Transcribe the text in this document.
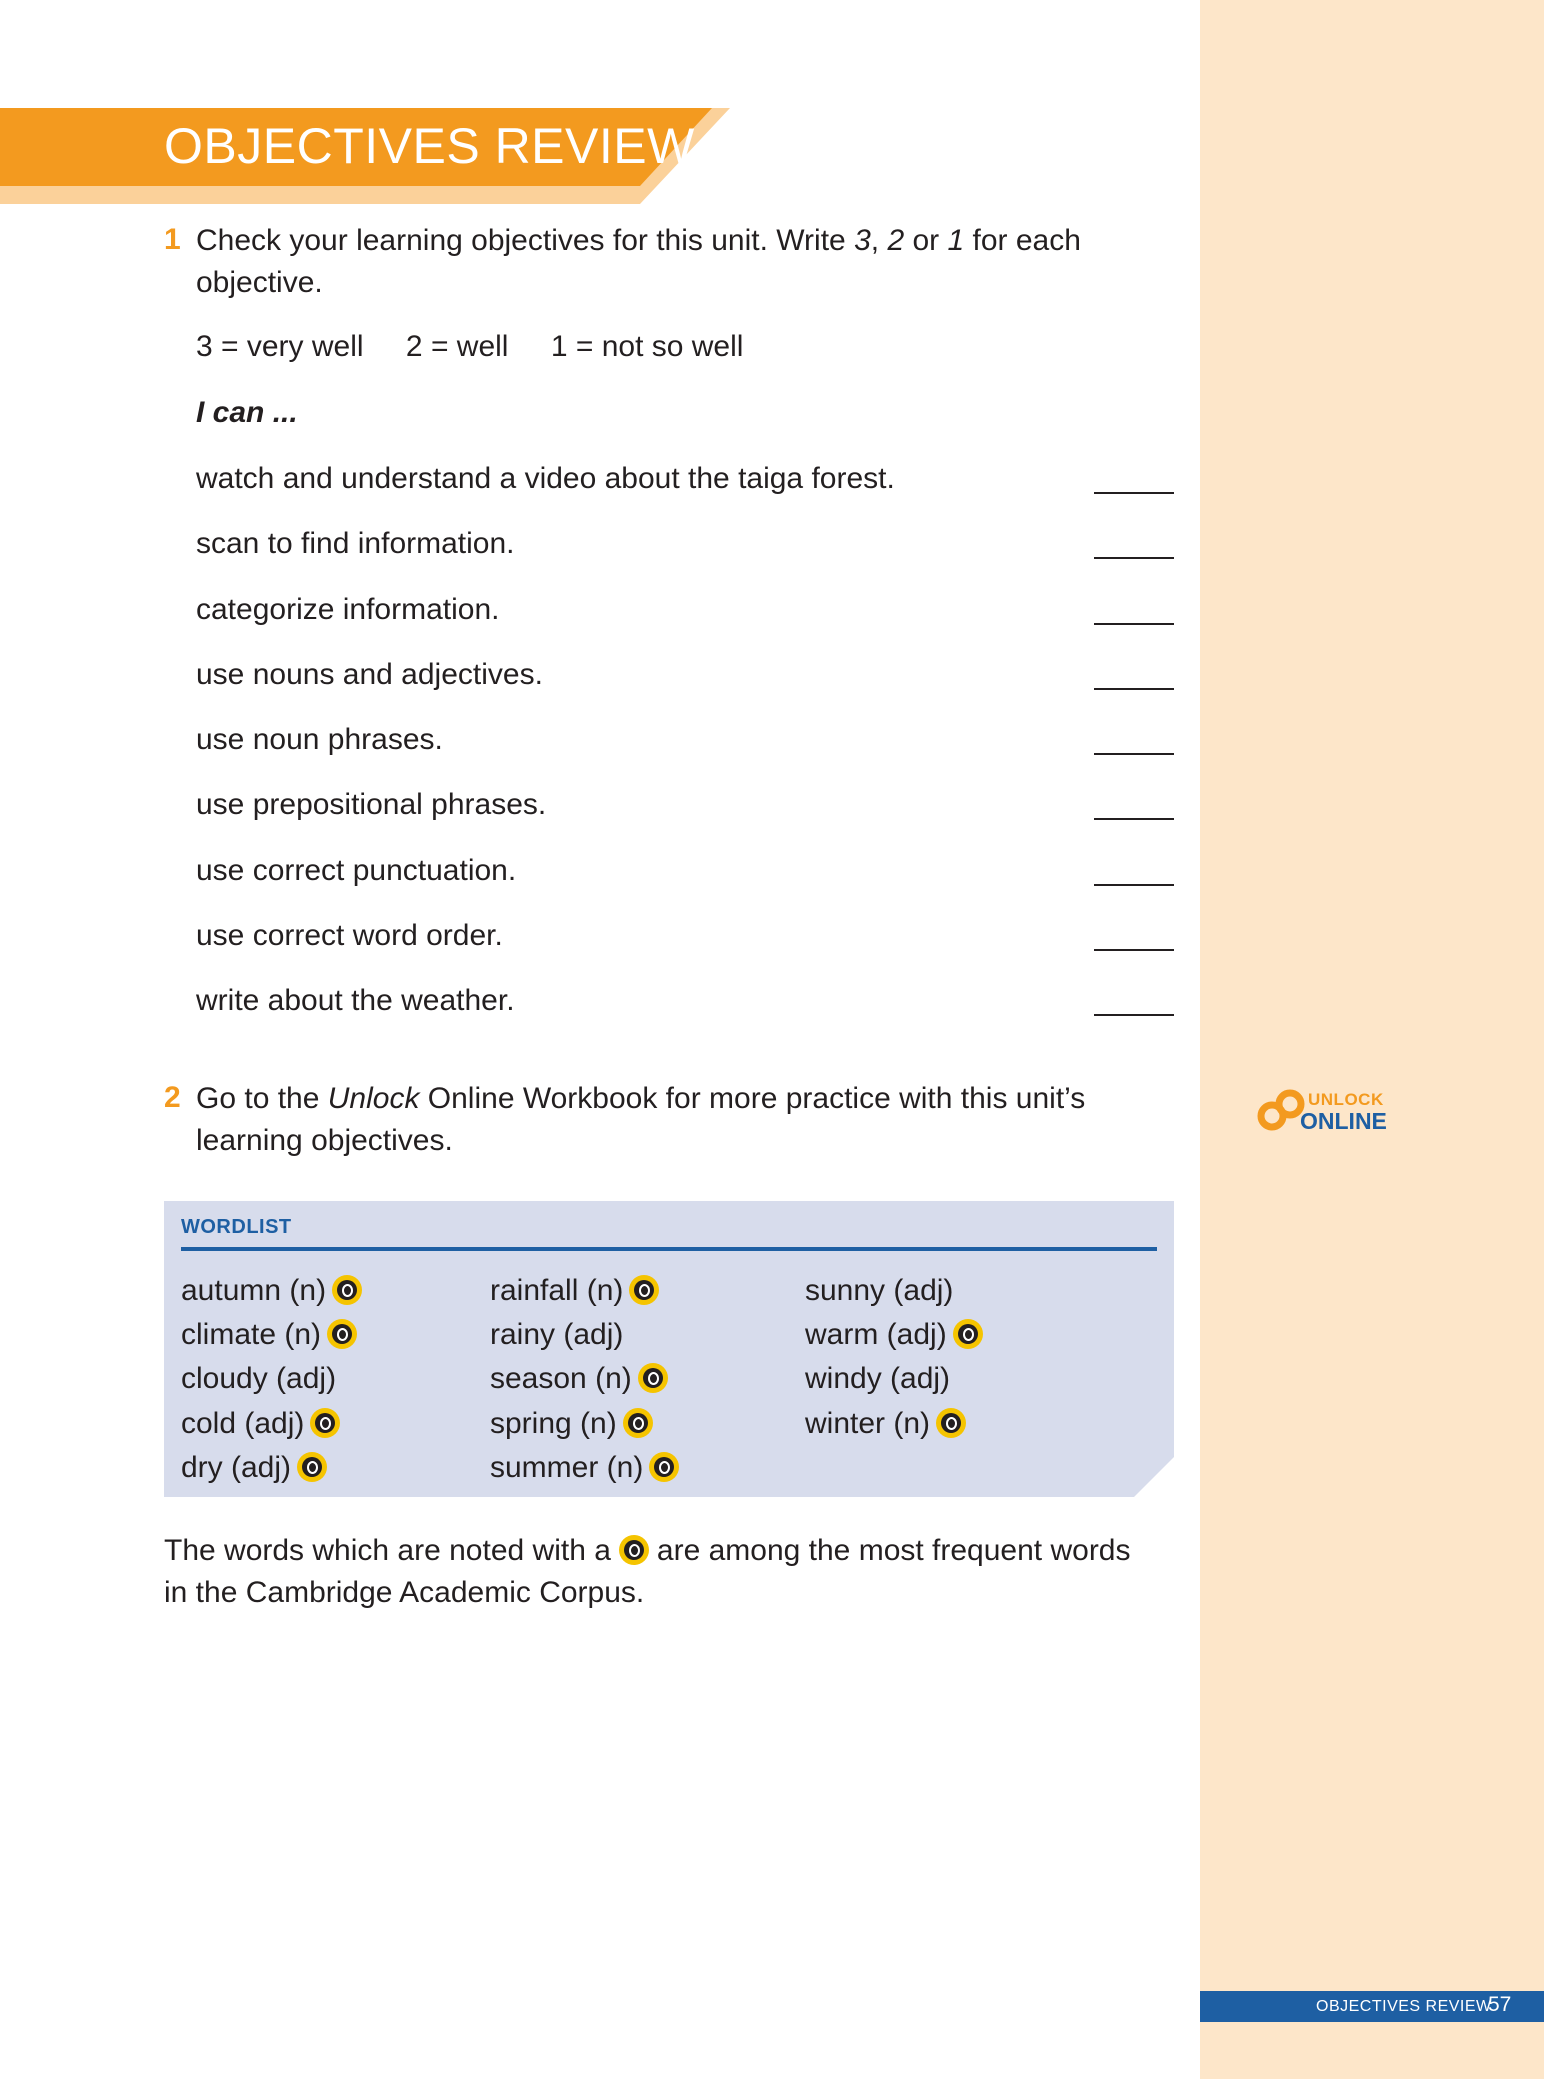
OBJECTIVES REVIEW
1 Check your learning objectives for this unit. Write 3, 2 or 1 for each
objective.
3 = very well 2 = well 1 = not so well
I can ...
watch and understand a video about the taiga forest.
scan to find information.
categorize information.
use nouns and adjectives.
use noun phrases.
use prepositional phrases.
use correct punctuation.
use correct word order.
write about the weather.
2 Go to the Unlock Online Workbook for more practice with this unit’s
learning objectives.
UNLOCK
ONLINE
WORDLIST
autumn (n)
climate (n)
cloudy (adj)
cold (adj)
dry (adj)
rainfall (n)
rainy (adj)
season (n)
spring (n)
summer (n)
sunny (adj)
warm (adj)
windy (adj)
winter (n)
The words which are noted with a are among the most frequent words
in the Cambridge Academic Corpus.
OBJECTIVES REVIEW
57
